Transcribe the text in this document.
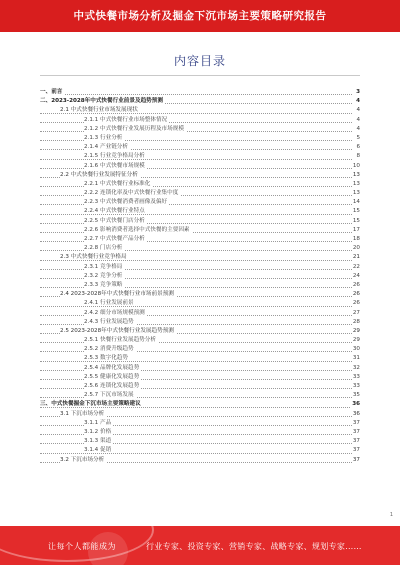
中式快餐市场分析及掘金下沉市场主要策略研究报告
内容目录
一、前言	3
二、2023-2028年中式快餐行业前景及趋势预测	4
2.1 中式快餐行业市场发展现状	4
2.1.1 中式快餐行业市场整体情况	4
2.1.2 中式快餐行业发展历程及市场规模	4
2.1.3 行业分析	5
2.1.4 产业链分析	6
2.1.5 行业竞争格局分析	8
2.1.6 中式快餐市场规模	10
2.2 中式快餐行业发展特征分析	13
2.2.1 中式快餐行业标准化	13
2.2.2 连锁化率及中式快餐行业集中度	13
2.2.3 中式快餐消费者画像及偏好	14
2.2.4 中式快餐行业特点	15
2.2.5 中式快餐门店分析	15
2.2.6 影响消费者选择中式快餐的主要因素	17
2.2.7 中式快餐产品分析	18
2.2.8 门店分析	20
2.3 中式快餐行业竞争格局	21
2.3.1 竞争格局	22
2.3.2 竞争分析	24
2.3.3 竞争策略	26
2.4 2023-2028年中式快餐行业市场前景预测	26
2.4.1 行业发展前景	26
2.4.2 细分市场规模预测	27
2.4.3 行业发展趋势	28
2.5 2023-2028年中式快餐行业发展趋势预测	29
2.5.1 快餐行业发展趋势分析	29
2.5.2 消费升级趋势	30
2.5.3 数字化趋势	31
2.5.4 品牌化发展趋势	32
2.5.5 健康化发展趋势	33
2.5.6 连锁化发展趋势	33
2.5.7 下沉市场发展	35
三、中式快餐掘金下沉市场主要策略建议	36
3.1 下沉市场分析	36
3.1.1 产品	37
3.1.2 价格	37
3.1.3 渠道	37
3.1.4 促销	37
3.2 下沉市场分析	37
1
让每个人都能成为	行业专家、投资专家、营销专家、战略专家、规划专家……
